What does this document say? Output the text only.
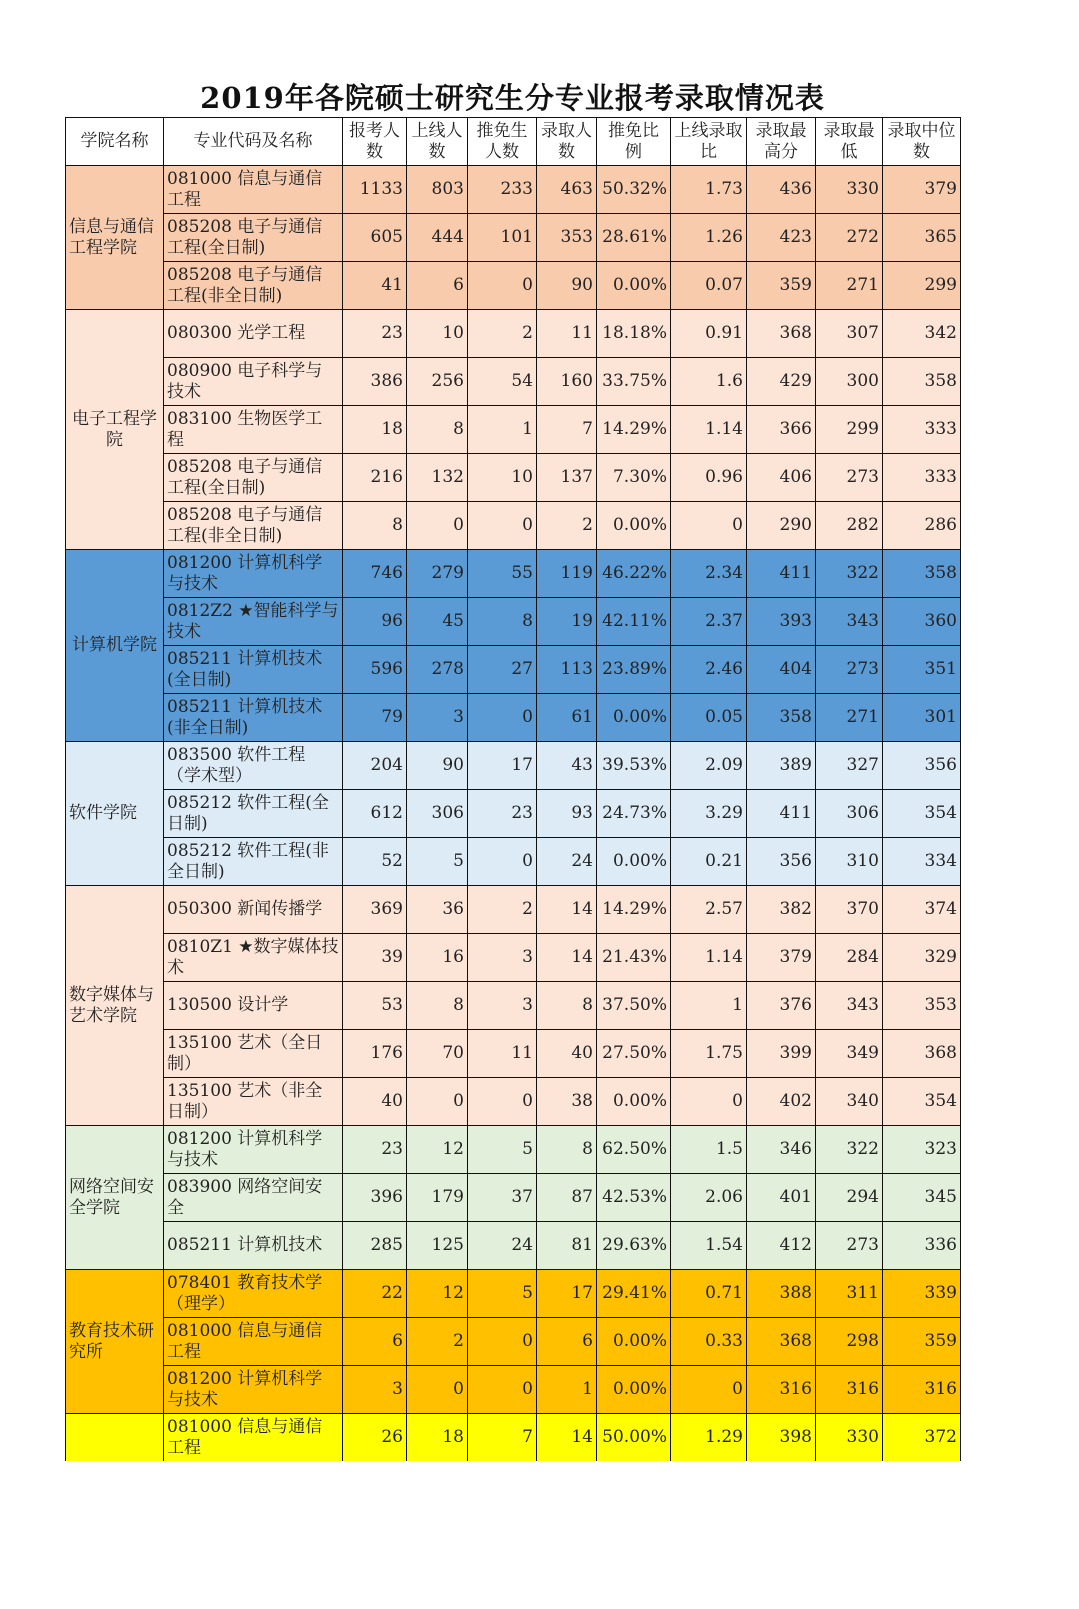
2019年各院硕士研究生分专业报考录取情况表
学院名称	专业代码及名称	报考人数	上线人数	推免生人数	录取人数	推免比例	上线录取比	录取最高分	录取最低	录取中位数
信息与通信工程学院	081000 信息与通信工程	1133	803	233	463	50.32%	1.73	436	330	379
	085208 电子与通信工程(全日制)	605	444	101	353	28.61%	1.26	423	272	365
	085208 电子与通信工程(非全日制)	41	6	0	90	0.00%	0.07	359	271	299
电子工程学院	080300 光学工程	23	10	2	11	18.18%	0.91	368	307	342
	080900 电子科学与技术	386	256	54	160	33.75%	1.6	429	300	358
	083100 生物医学工程	18	8	1	7	14.29%	1.14	366	299	333
	085208 电子与通信工程(全日制)	216	132	10	137	7.30%	0.96	406	273	333
	085208 电子与通信工程(非全日制)	8	0	0	2	0.00%	0	290	282	286
计算机学院	081200 计算机科学与技术	746	279	55	119	46.22%	2.34	411	322	358
	0812Z2 ★智能科学与技术	96	45	8	19	42.11%	2.37	393	343	360
	085211 计算机技术(全日制)	596	278	27	113	23.89%	2.46	404	273	351
	085211 计算机技术(非全日制)	79	3	0	61	0.00%	0.05	358	271	301
软件学院	083500 软件工程（学术型）	204	90	17	43	39.53%	2.09	389	327	356
	085212 软件工程(全日制)	612	306	23	93	24.73%	3.29	411	306	354
	085212 软件工程(非全日制)	52	5	0	24	0.00%	0.21	356	310	334
数字媒体与艺术学院	050300 新闻传播学	369	36	2	14	14.29%	2.57	382	370	374
	0810Z1 ★数字媒体技术	39	16	3	14	21.43%	1.14	379	284	329
	130500 设计学	53	8	3	8	37.50%	1	376	343	353
	135100 艺术（全日制）	176	70	11	40	27.50%	1.75	399	349	368
	135100 艺术（非全日制）	40	0	0	38	0.00%	0	402	340	354
网络空间安全学院	081200 计算机科学与技术	23	12	5	8	62.50%	1.5	346	322	323
	083900 网络空间安全	396	179	37	87	42.53%	2.06	401	294	345
	085211 计算机技术	285	125	24	81	29.63%	1.54	412	273	336
教育技术研究所	078401 教育技术学（理学）	22	12	5	17	29.41%	0.71	388	311	339
	081000 信息与通信工程	6	2	0	6	0.00%	0.33	368	298	359
	081200 计算机科学与技术	3	0	0	1	0.00%	0	316	316	316
	081000 信息与通信工程	26	18	7	14	50.00%	1.29	398	330	372
